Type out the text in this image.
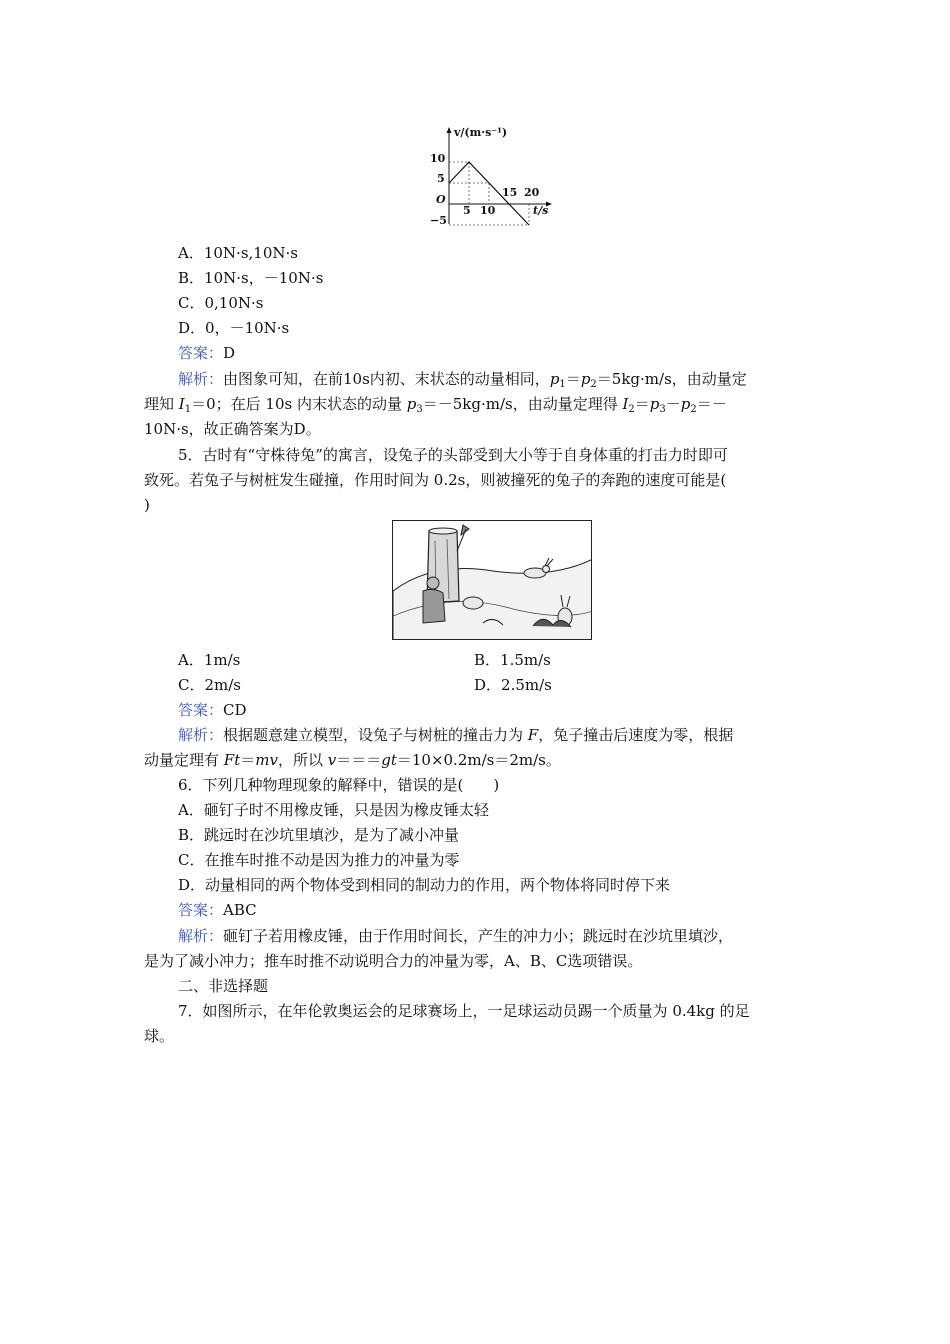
v/(m·s⁻¹)
t/s
O
10
5
−5
5 10
15 20
A．10N·s,10N·s
B．10N·s，－10N·s
C．0,10N·s
D．0，－10N·s
答案：D
解析：由图象可知，在前10s内初、末状态的动量相同，$p_1=p_2=5kg\cdot m/s$，由动量定
理知 $I_1=0$；在后 10s 内末状态的动量 $p_3=-5kg\cdot m/s$，由动量定理得 $I_2=p_3-p_2=-$
10N·s，故正确答案为D。
5．古时有“守株待兔”的寓言，设兔子的头部受到大小等于自身体重的打击力时即可
致死。若兔子与树桩发生碰撞，作用时间为 0.2s，则被撞死的兔子的奔跑的速度可能是(
)
A．1m/s	B．1.5m/s
C．2m/s	D．2.5m/s
答案：CD
解析：根据题意建立模型，设兔子与树桩的撞击力为 F，兔子撞击后速度为零，根据
动量定理有 Ft＝mv，所以 v＝＝＝gt＝10×0.2m/s＝2m/s。
6．下列几种物理现象的解释中，错误的是(　　)
A．砸钉子时不用橡皮锤，只是因为橡皮锤太轻
B．跳远时在沙坑里填沙，是为了减小冲量
C．在推车时推不动是因为推力的冲量为零
D．动量相同的两个物体受到相同的制动力的作用，两个物体将同时停下来
答案：ABC
解析：砸钉子若用橡皮锤，由于作用时间长，产生的冲力小；跳远时在沙坑里填沙，
是为了减小冲力；推车时推不动说明合力的冲量为零，A、B、C选项错误。
二、非选择题
7．如图所示，在年伦敦奥运会的足球赛场上，一足球运动员踢一个质量为 0.4kg 的足
球。
